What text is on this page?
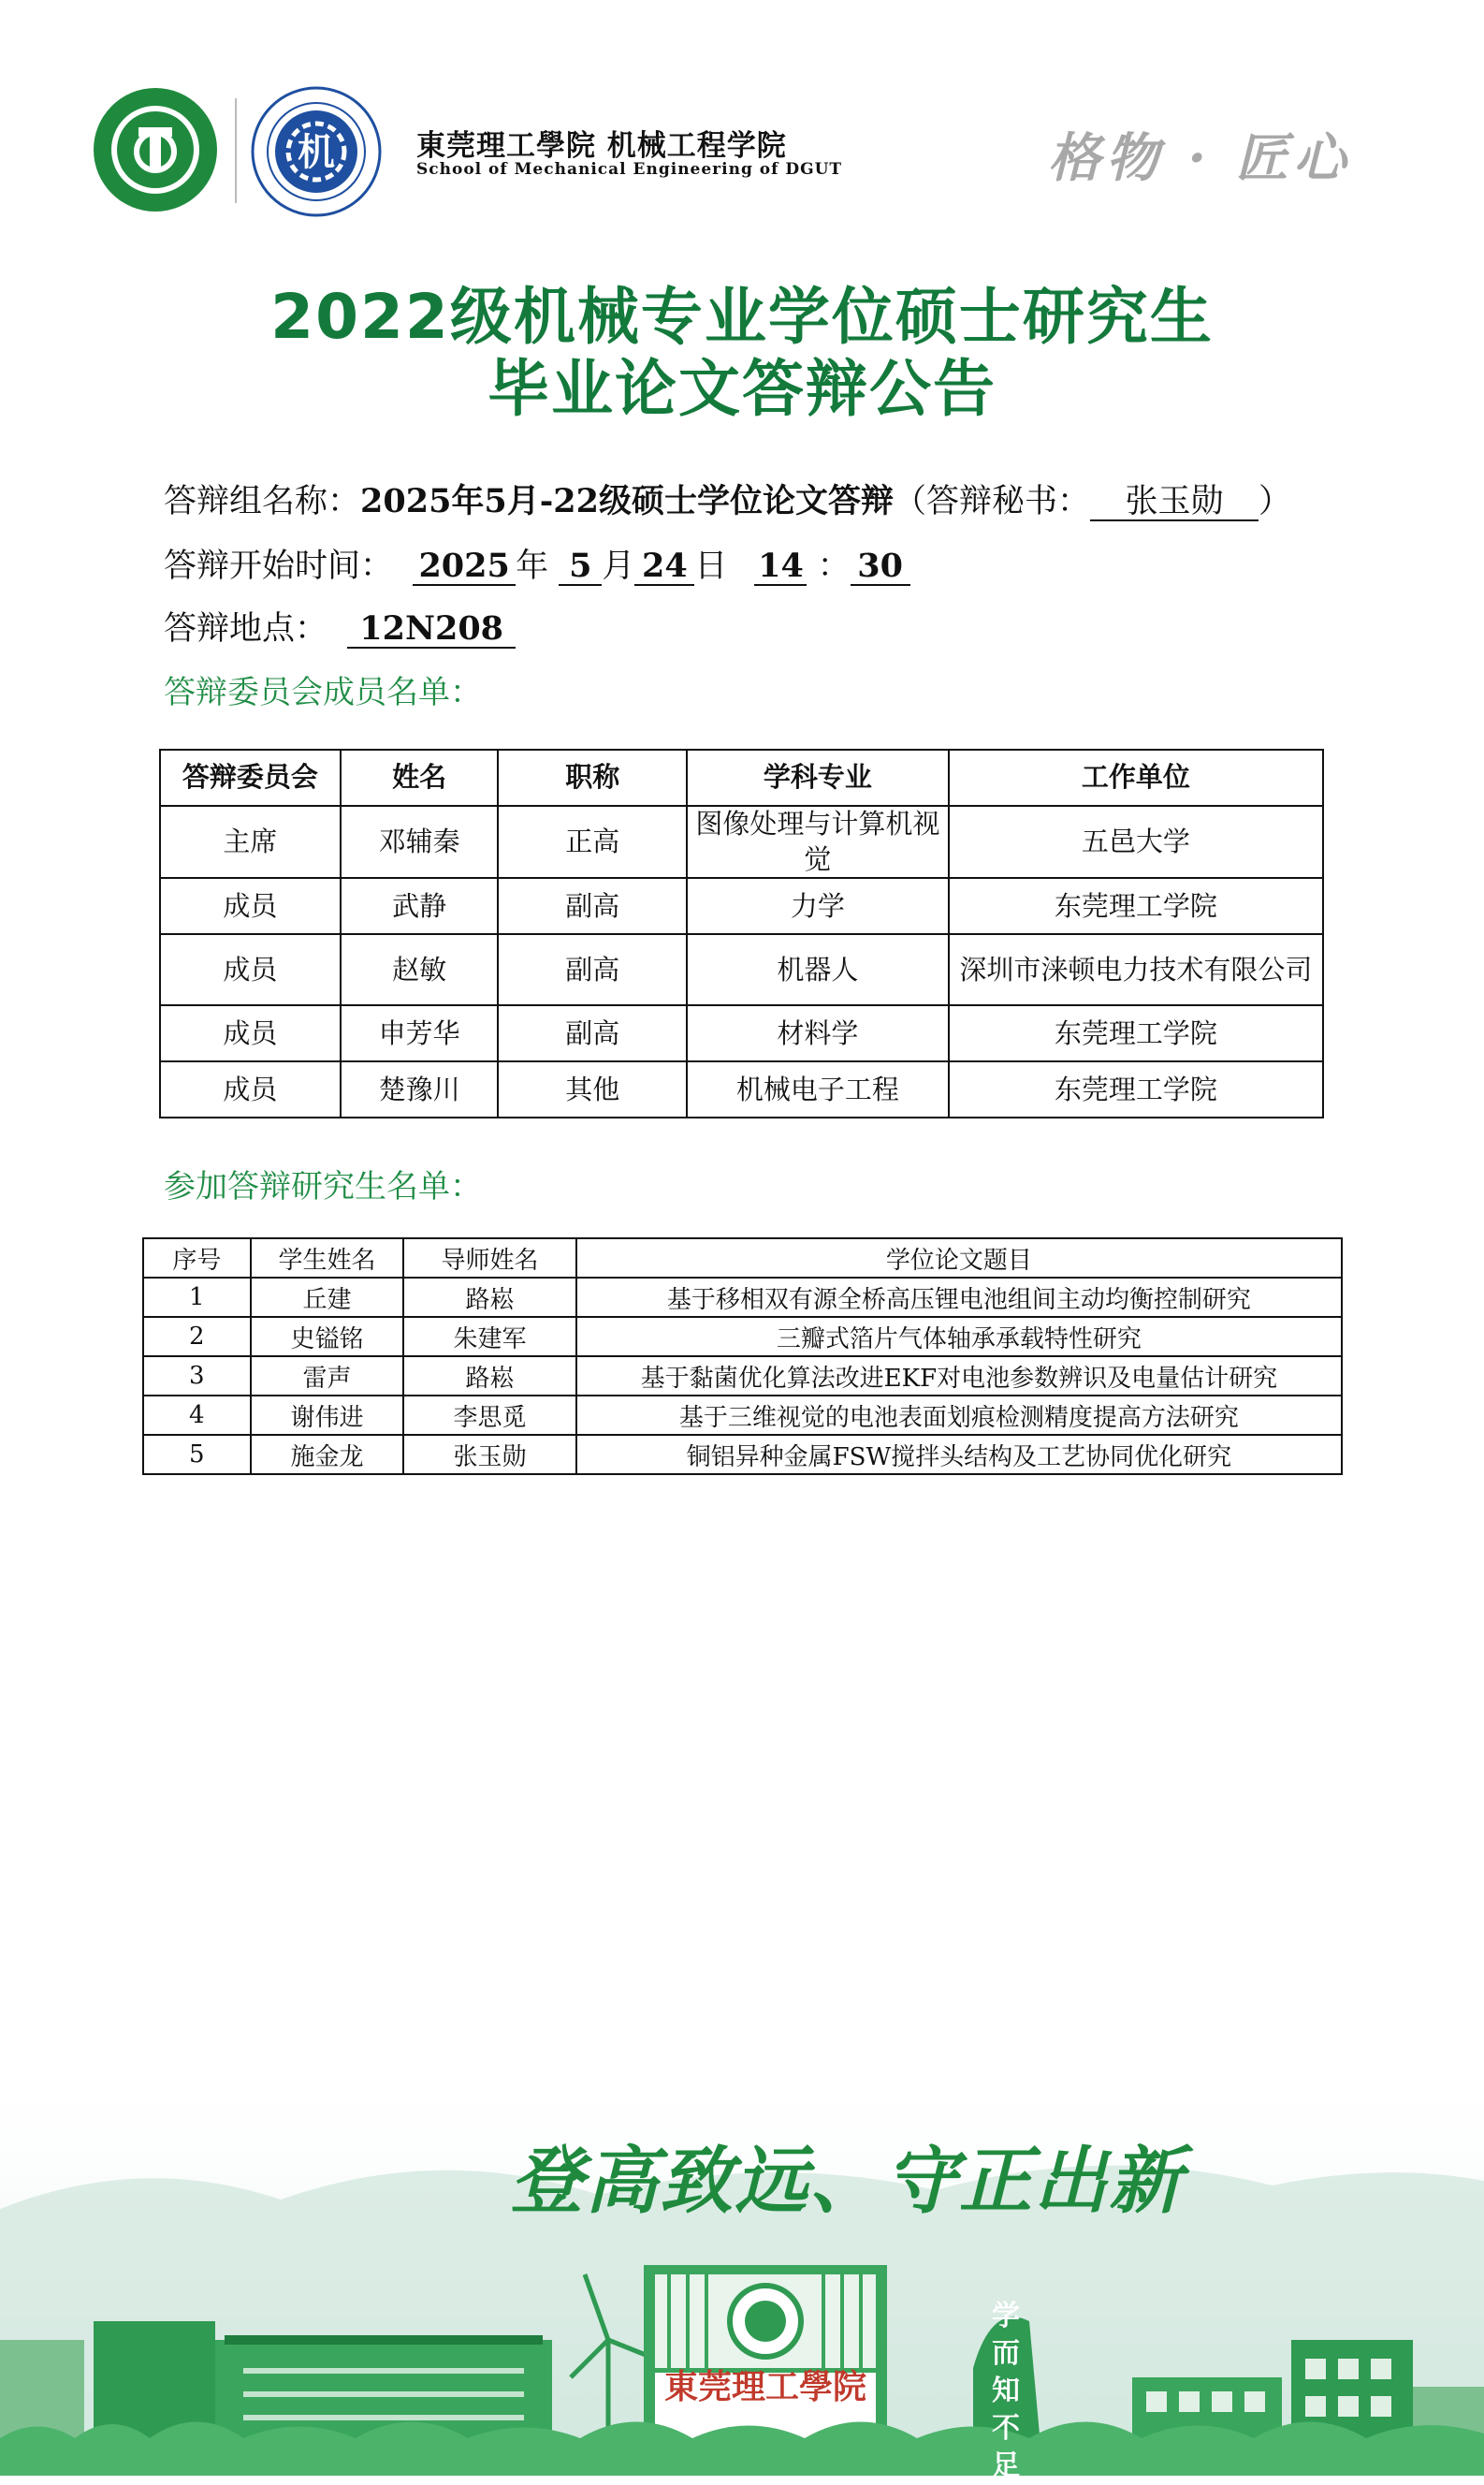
机	東莞理工學院 机械工程学院
School of Mechanical Engineering of DGUT	格物 · 匠心
2022级机械专业学位硕士研究生
毕业论文答辩公告
答辩组名称：2025年5月-22级硕士学位论文答辩（答辩秘书： 张玉勋 ）
答辩开始时间： 2025 年 5 月 24 日 14 ： 30
答辩地点： 12N208
答辩委员会成员名单：
答辩委员会	姓名	职称	学科专业	工作单位
主席	邓辅秦	正高	图像处理与计算机视觉	五邑大学
成员	武静	副高	力学	东莞理工学院
成员	赵敏	副高	机器人	深圳市涞顿电力技术有限公司
成员	申芳华	副高	材料学	东莞理工学院
成员	楚豫川	其他	机械电子工程	东莞理工学院
参加答辩研究生名单：
序号	学生姓名	导师姓名	学位论文题目
1	丘建	路崧	基于移相双有源全桥高压锂电池组间主动均衡控制研究
2	史镒铭	朱建军	三瓣式箔片气体轴承承载特性研究
3	雷声	路崧	基于黏菌优化算法改进EKF对电池参数辨识及电量估计研究
4	谢伟进	李思觅	基于三维视觉的电池表面划痕检测精度提高方法研究
5	施金龙	张玉勋	铜铝异种金属FSW搅拌头结构及工艺协同优化研究
登高致远、守正出新
東莞理工學院
学而知不足
